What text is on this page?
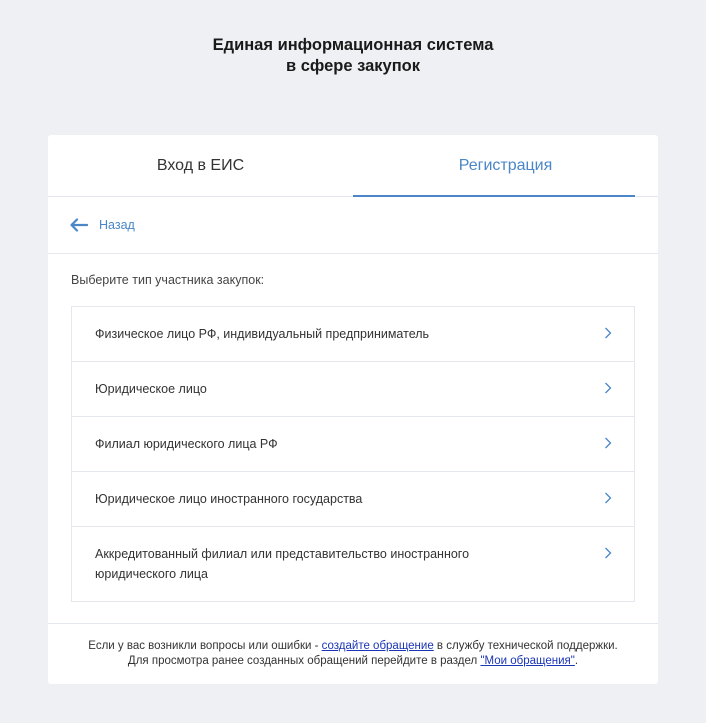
Единая информационная система
в сфере закупок
Вход в ЕИС	Регистрация
Назад
Выберите тип участника закупок:
Физическое лицо РФ, индивидуальный предприниматель
Юридическое лицо
Филиал юридического лица РФ
Юридическое лицо иностранного государства
Аккредитованный филиал или представительство иностранного юридического лица
Если у вас возникли вопросы или ошибки - создайте обращение в службу технической поддержки.
Для просмотра ранее созданных обращений перейдите в раздел "Мои обращения".
